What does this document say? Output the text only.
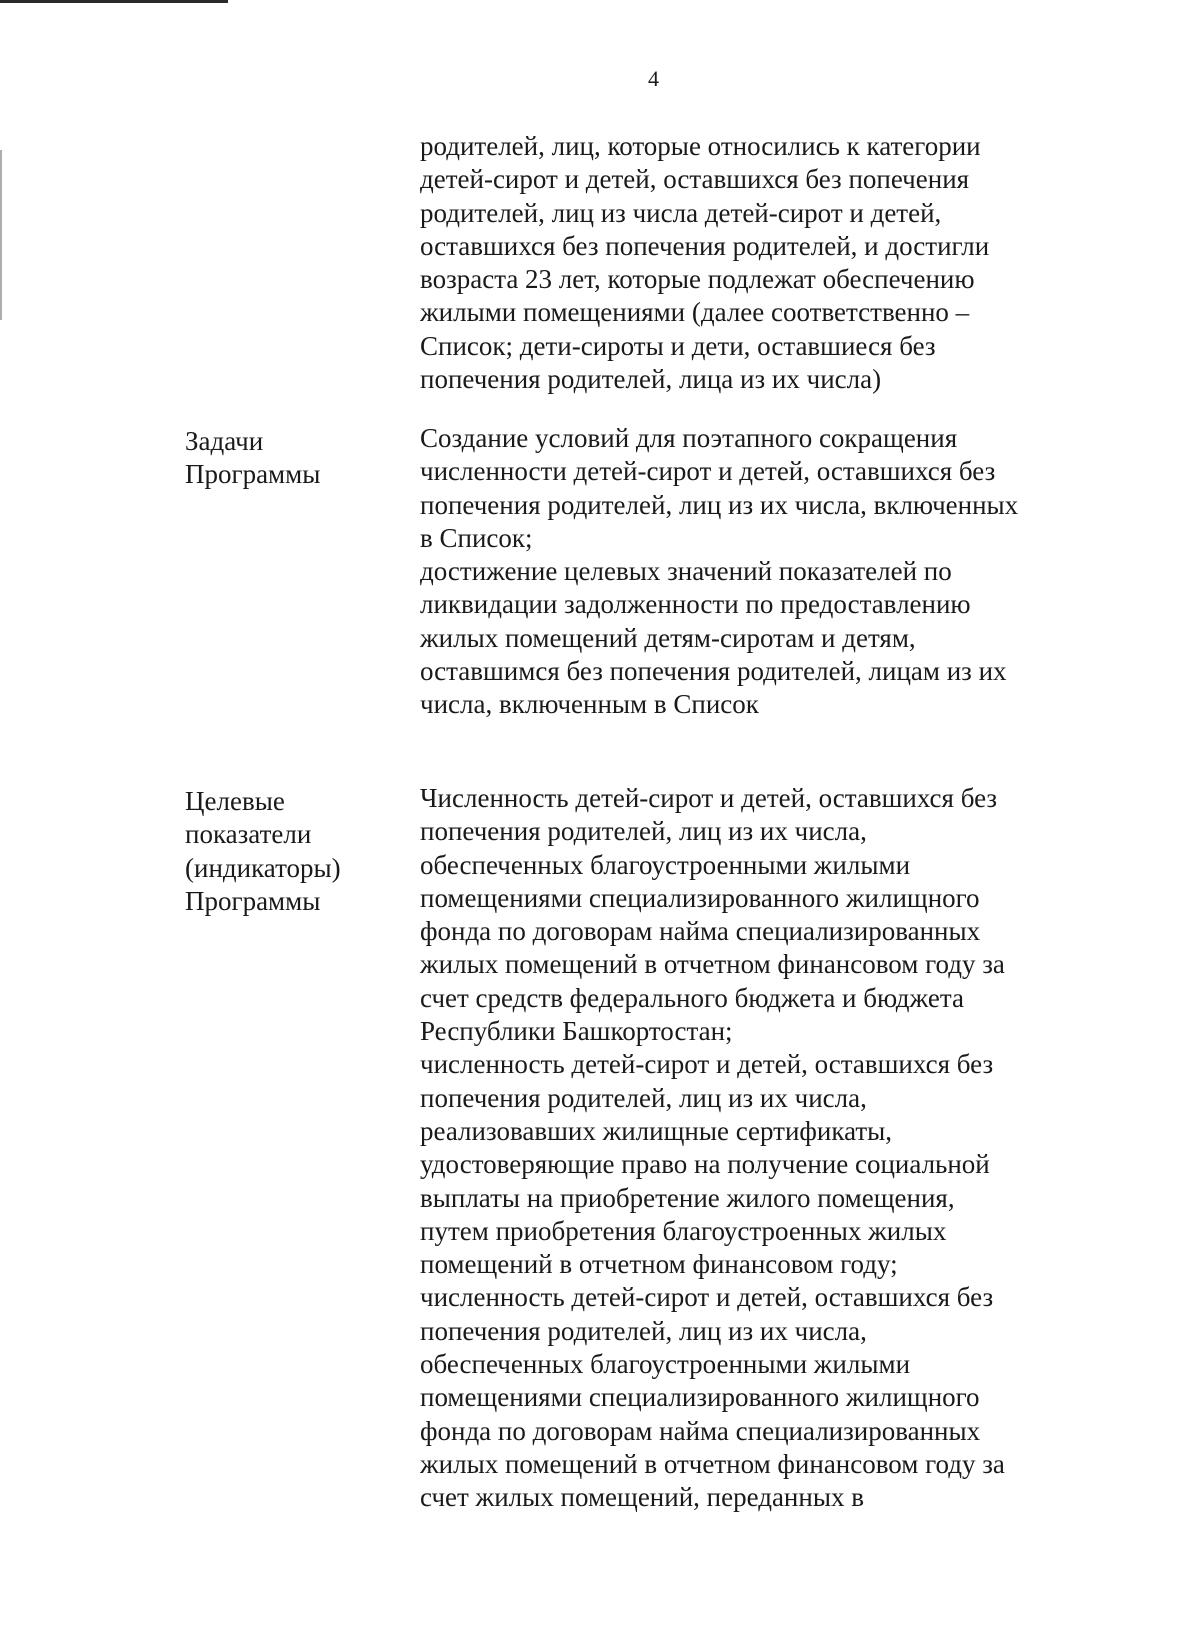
4

родителей, лиц, которые относились к категории
детей-сирот и детей, оставшихся без попечения
родителей, лиц из числа детей-сирот и детей,
оставшихся без попечения родителей, и достигли
возраста 23 лет, которые подлежат обеспечению
жилыми помещениями (далее соответственно –
Список; дети-сироты и дети, оставшиеся без
попечения родителей, лица из их числа)

Задачи
Программы

Создание условий для поэтапного сокращения
численности детей-сирот и детей, оставшихся без
попечения родителей, лиц из их числа, включенных
в Список;

достижение целевых значений показателей по
ликвидации задолженности по предоставлению
жилых помещений детям-сиротам и детям,
оставшимся без попечения родителей, лицам из их
числа, включенным в Список

Целевые
показатели
(индикаторы)
Программы

Численность детей-сирот и детей, оставшихся без
попечения родителей, лиц из их числа,
обеспеченных благоустроенными жилыми
помещениями специализированного жилищного
фонда по договорам найма специализированных
жилых помещений в отчетном финансовом году за
счет средств федерального бюджета и бюджета
Республики Башкортостан;

численность детей-сирот и детей, оставшихся без
попечения родителей, лиц из их числа,
реализовавших жилищные сертификаты,
удостоверяющие право на получение социальной
выплаты на приобретение жилого помещения,
путем приобретения благоустроенных жилых
помещений в отчетном финансовом году;

численность детей-сирот и детей, оставшихся без
попечения родителей, лиц из их числа,
обеспеченных благоустроенными жилыми
помещениями специализированного жилищного
фонда по договорам найма специализированных
жилых помещений в отчетном финансовом году за
счет жилых помещений, переданных в
